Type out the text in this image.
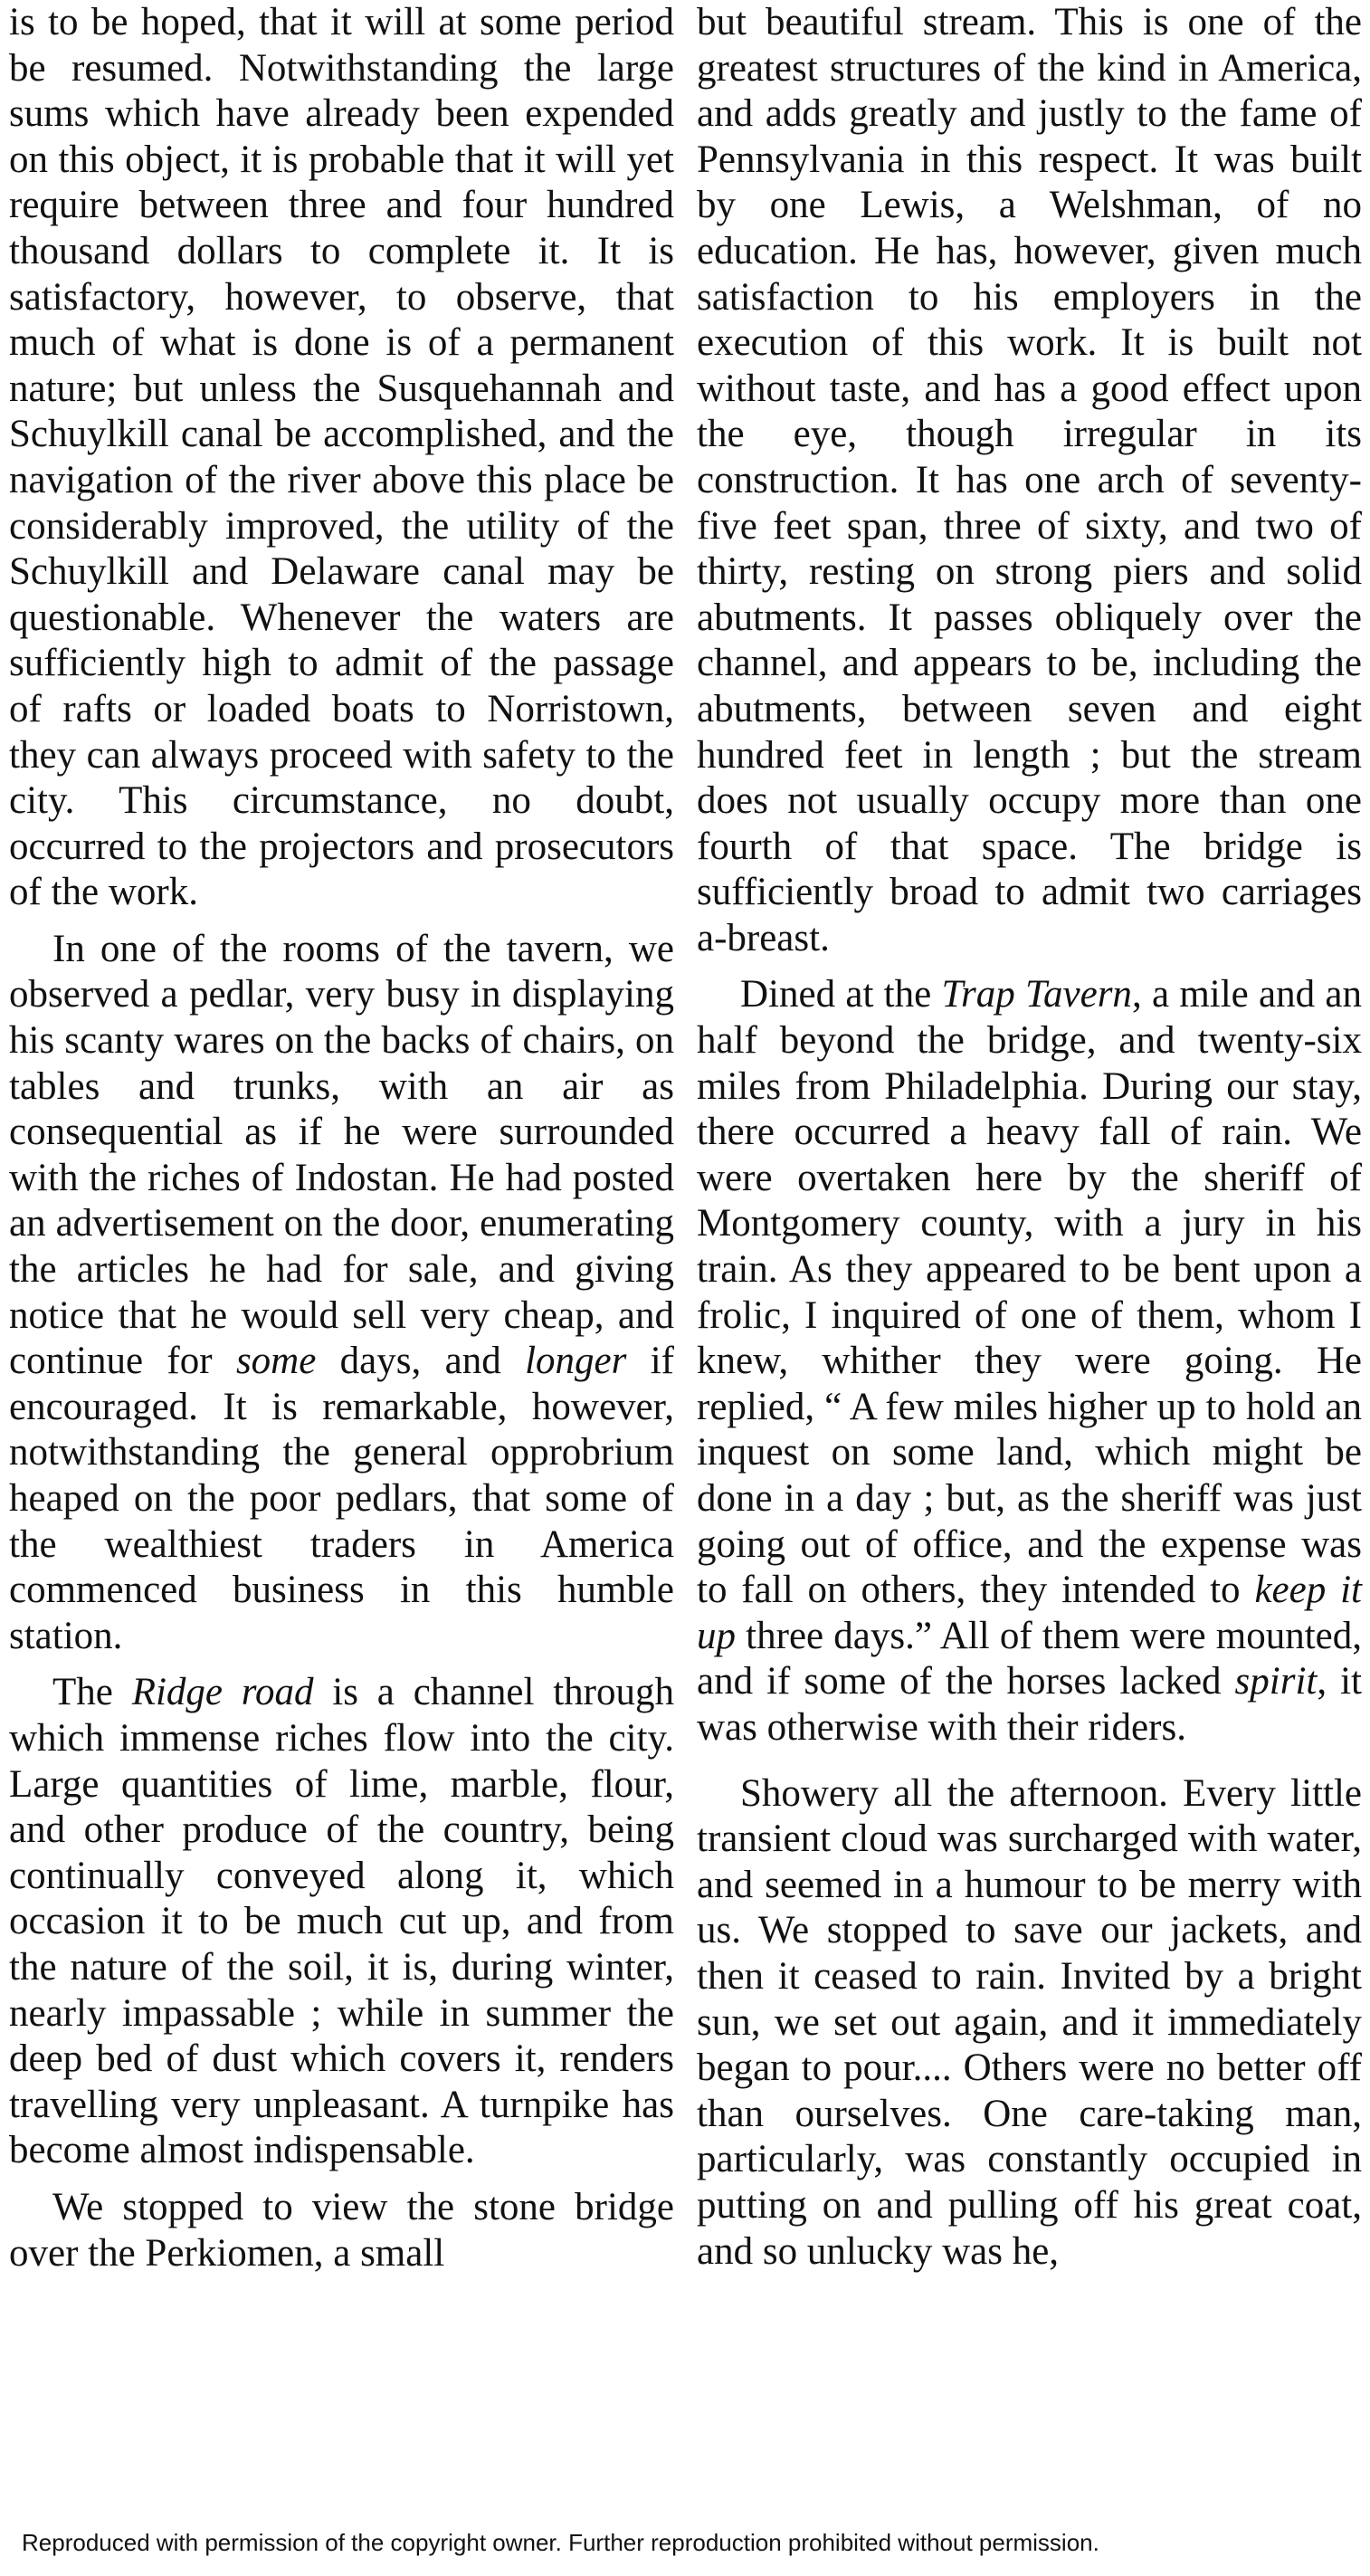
is to be hoped, that it will at some period be resumed. Notwithstanding the large sums which have already been expended on this object, it is probable that it will yet require between three and four hundred thousand dollars to complete it. It is satisfactory, however, to observe, that much of what is done is of a permanent nature; but unless the Susquehannah and Schuylkill canal be accomplished, and the navigation of the river above this place be considerably improved, the utility of the Schuylkill and Delaware canal may be questionable. Whenever the waters are sufficiently high to admit of the passage of rafts or loaded boats to Norristown, they can always proceed with safety to the city. This circumstance, no doubt, occurred to the projectors and prosecutors of the work.

In one of the rooms of the tavern, we observed a pedlar, very busy in displaying his scanty wares on the backs of chairs, on tables and trunks, with an air as consequential as if he were surrounded with the riches of Indostan. He had posted an advertisement on the door, enumerating the articles he had for sale, and giving notice that he would sell very cheap, and continue for some days, and longer if encouraged. It is remarkable, however, notwithstanding the general opprobrium heaped on the poor pedlars, that some of the wealthiest traders in America commenced business in this humble station.

The Ridge road is a channel through which immense riches flow into the city. Large quantities of lime, marble, flour, and other produce of the country, being continually conveyed along it, which occasion it to be much cut up, and from the nature of the soil, it is, during winter, nearly impassable ; while in summer the deep bed of dust which covers it, renders travelling very unpleasant. A turnpike has become almost indispensable.

We stopped to view the stone bridge over the Perkiomen, a small

but beautiful stream. This is one of the greatest structures of the kind in America, and adds greatly and justly to the fame of Pennsylvania in this respect. It was built by one Lewis, a Welshman, of no education. He has, however, given much satisfaction to his employers in the execution of this work. It is built not without taste, and has a good effect upon the eye, though irregular in its construction. It has one arch of seventy-five feet span, three of sixty, and two of thirty, resting on strong piers and solid abutments. It passes obliquely over the channel, and appears to be, including the abutments, between seven and eight hundred feet in length ; but the stream does not usually occupy more than one fourth of that space. The bridge is sufficiently broad to admit two carriages a-breast.

Dined at the Trap Tavern, a mile and an half beyond the bridge, and twenty-six miles from Philadelphia. During our stay, there occurred a heavy fall of rain. We were overtaken here by the sheriff of Montgomery county, with a jury in his train. As they appeared to be bent upon a frolic, I inquired of one of them, whom I knew, whither they were going. He replied, “ A few miles higher up to hold an inquest on some land, which might be done in a day ; but, as the sheriff was just going out of office, and the expense was to fall on others, they intended to keep it up three days.” All of them were mounted, and if some of the horses lacked spirit, it was otherwise with their riders.

Showery all the afternoon. Every little transient cloud was surcharged with water, and seemed in a humour to be merry with us. We stopped to save our jackets, and then it ceased to rain. Invited by a bright sun, we set out again, and it immediately began to pour.... Others were no better off than ourselves. One care-taking man, particularly, was constantly occupied in putting on and pulling off his great coat, and so unlucky was he,

Reproduced with permission of the copyright owner. Further reproduction prohibited without permission.
